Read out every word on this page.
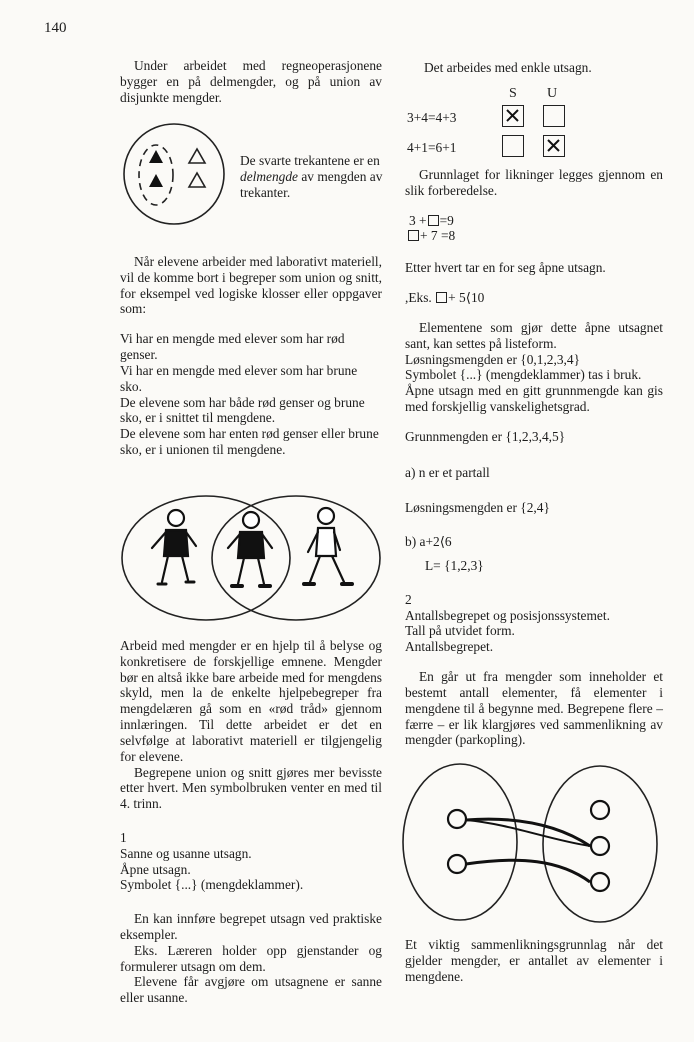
140

Under arbeidet med regneoperasjonene bygger en på delmengder, og på union av disjunkte mengder.

De svarte trekantene er en delmengde av mengden av trekanter.

Når elevene arbeider med laborativt materiell, vil de komme bort i begreper som union og snitt, for eksempel ved logiske klosser eller oppgaver som:

Vi har en mengde med elever som har rød genser.

Vi har en mengde med elever som har brune sko.

De elevene som har både rød genser og brune sko, er i snittet til mengdene.

De elevene som har enten rød genser eller brune sko, er i unionen til mengdene.

Arbeid med mengder er en hjelp til å belyse og konkretisere de forskjellige emnene. Mengder bør en altså ikke bare arbeide med for mengdens skyld, men la de enkelte hjelpebegreper fra mengdelæren gå som en «rød tråd» gjennom innlæringen. Til dette arbeidet er det en selvfølge at laborativt materiell er tilgjengelig for elevene.

Begrepene union og snitt gjøres mer bevisste etter hvert. Men symbolbruken venter en med til 4. trinn.

1

Sanne og usanne utsagn.

Åpne utsagn.

Symbolet {...} (mengdeklammer).

En kan innføre begrepet utsagn ved praktiske eksempler.

Eks. Læreren holder opp gjenstander og formulerer utsagn om dem.

Elevene får avgjøre om utsagnene er sanne eller usanne.

Det arbeides med enkle utsagn.
S U
3+4=4+3
4+1=6+1

Grunnlaget for likninger legges gjennom en slik forberedelse.

3 + =9

+ 7 =8

Etter hvert tar en for seg åpne utsagn.

,Eks. + 5⟨10

Elementene som gjør dette åpne utsagnet sant, kan settes på listeform.

Løsningsmengden er {0,1,2,3,4}

Symbolet {...} (mengdeklammer) tas i bruk.

Åpne utsagn med en gitt grunnmengde kan gis med forskjellig vanskelighetsgrad.

Grunnmengden er {1,2,3,4,5}

a) n er et partall

Løsningsmengden er {2,4}

b) a+2⟨6

L= {1,2,3}

2

Antallsbegrepet og posisjonssystemet.

Tall på utvidet form.

Antallsbegrepet.

En går ut fra mengder som inneholder et bestemt antall elementer, få elementer i mengdene til å begynne med. Begrepene flere – færre – er lik klargjøres ved sammenlikning av mengder (parkopling).

Et viktig sammenlikningsgrunnlag når det gjelder mengder, er antallet av elementer i mengdene.
